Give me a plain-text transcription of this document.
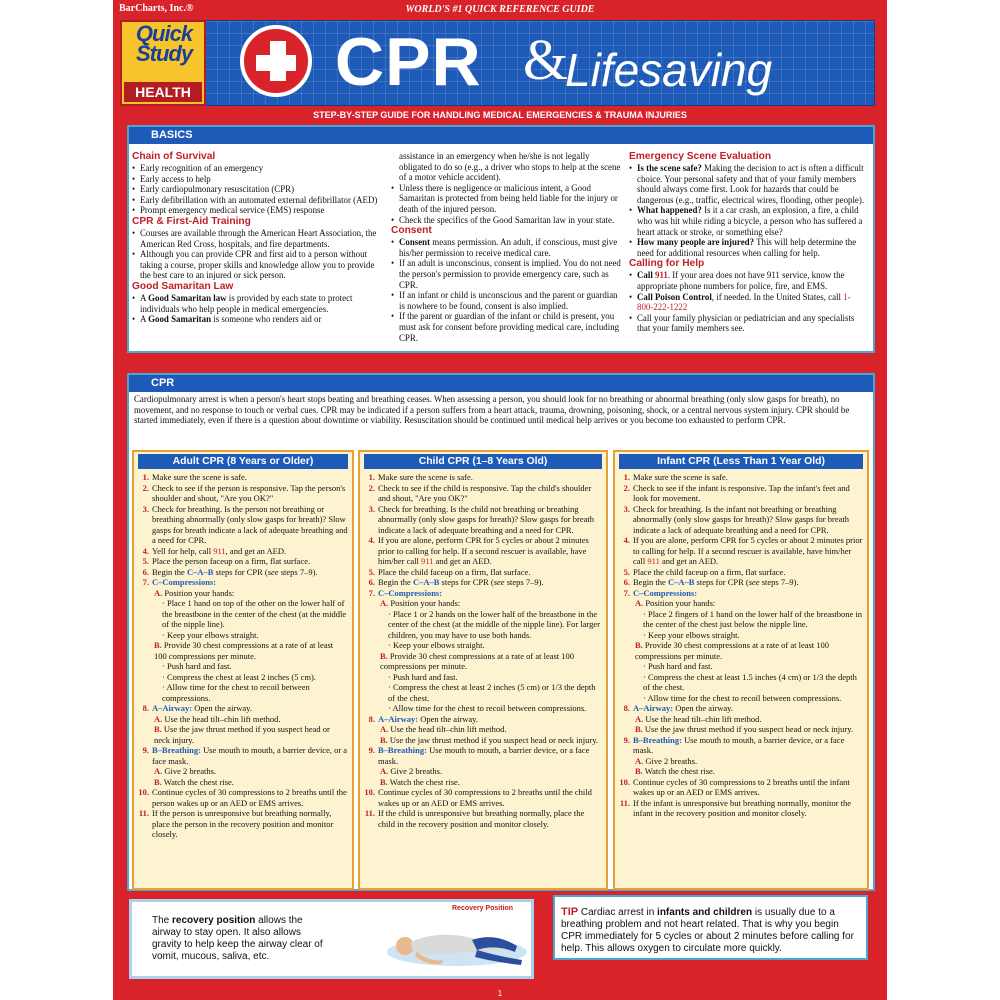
BarCharts, Inc.®	WORLD'S #1 QUICK REFERENCE GUIDE
Quick Study
HEALTH CPR &
Lifesaving
STEP-BY-STEP GUIDE FOR HANDLING MEDICAL EMERGENCIES & TRAUMA INJURIES
OPEN
OPEN
OPEN
BASICS
Chain of Survival
• Early recognition of an emergency
• Early access to help
• Early cardiopulmonary resuscitation (CPR)
• Early defibrillation with an automated external defibrillator (AED)
• Prompt emergency medical service (EMS) response
CPR & First-Aid Training
• Courses are available through the American Heart Association, the American Red Cross, hospitals, and fire departments.
• Although you can provide CPR and first aid to a person without taking a course, proper skills and knowledge allow you to provide the best care to an injured or sick person.
Good Samaritan Law
• A Good Samaritan law is provided by each state to protect individuals who help people in medical emergencies.
• A Good Samaritan is someone who renders aid or
assistance in an emergency when he/she is not legally obligated to do so (e.g., a driver who stops to help at the scene of a motor vehicle accident).
• Unless there is negligence or malicious intent, a Good Samaritan is protected from being held liable for the injury or death of the injured person.
• Check the specifics of the Good Samaritan law in your state.
Consent
• Consent means permission. An adult, if conscious, must give his/her permission to receive medical care.
• If an adult is unconscious, consent is implied. You do not need the person's permission to provide emergency care, such as CPR.
• If an infant or child is unconscious and the parent or guardian is nowhere to be found, consent is also implied.
• If the parent or guardian of the infant or child is present, you must ask for consent before providing medical care, including CPR.
Emergency Scene Evaluation
• Is the scene safe? Making the decision to act is often a difficult choice. Your personal safety and that of your family members should always come first. Look for hazards that could be dangerous (e.g., traffic, electrical wires, flooding, other people).
• What happened? Is it a car crash, an explosion, a fire, a child who was hit while riding a bicycle, a person who has suffered a heart attack or stroke, or something else?
• How many people are injured? This will help determine the need for additional resources when calling for help.
Calling for Help
• Call 911. If your area does not have 911 service, know the appropriate phone numbers for police, fire, and EMS.
• Call Poison Control, if needed. In the United States, call 1-800-222-1222
• Call your family physician or pediatrician and any specialists that your family members see.
CPR
Cardiopulmonary arrest is when a person's heart stops beating and breathing ceases. When assessing a person, you should look for no breathing or abnormal breathing (only slow gasps for breath), no movement, and no response to touch or verbal cues. CPR may be indicated if a person suffers from a heart attack, trauma, drowning, poisoning, shock, or a central nervous system injury. CPR should be started immediately, even if there is a question about downtime or viability. Resuscitation should be continued until medical help arrives or you become too exhausted to perform CPR.
Adult CPR (8 Years or Older)
1. Make sure the scene is safe.
2. Check to see if the person is responsive. Tap the person's shoulder and shout, "Are you OK?"
3. Check for breathing. Is the person not breathing or breathing abnormally (only slow gasps for breath)? Slow gasps for breath indicate a lack of adequate breathing and a need for CPR.
4. Yell for help, call 911, and get an AED.
5. Place the person faceup on a firm, flat surface.
6. Begin the C–A–B steps for CPR (see steps 7–9).
7. C–Compressions:
A. Position your hands:
· Place 1 hand on top of the other on the lower half of the breastbone in the center of the chest (at the middle of the nipple line).
· Keep your elbows straight.
B. Provide 30 chest compressions at a rate of at least 100 compressions per minute.
· Push hard and fast.
· Compress the chest at least 2 inches (5 cm).
· Allow time for the chest to recoil between compressions.
8. A–Airway: Open the airway.
A. Use the head tilt–chin lift method.
B. Use the jaw thrust method if you suspect head or neck injury.
9. B–Breathing: Use mouth to mouth, a barrier device, or a face mask.
A. Give 2 breaths.
B. Watch the chest rise.
10. Continue cycles of 30 compressions to 2 breaths until the person wakes up or an AED or EMS arrives.
11. If the person is unresponsive but breathing normally, place the person in the recovery position and monitor closely.
Child CPR (1–8 Years Old)
1. Make sure the scene is safe.
2. Check to see if the child is responsive. Tap the child's shoulder and shout, "Are you OK?"
3. Check for breathing. Is the child not breathing or breathing abnormally (only slow gasps for breath)? Slow gasps for breath indicate a lack of adequate breathing and a need for CPR.
4. If you are alone, perform CPR for 5 cycles or about 2 minutes prior to calling for help. If a second rescuer is available, have him/her call 911 and get an AED.
5. Place the child faceup on a firm, flat surface.
6. Begin the C–A–B steps for CPR (see steps 7–9).
7. C–Compressions:
A. Position your hands:
· Place 1 or 2 hands on the lower half of the breastbone in the center of the chest (at the middle of the nipple line). For larger children, you may have to use both hands.
· Keep your elbows straight.
B. Provide 30 chest compressions at a rate of at least 100 compressions per minute.
· Push hard and fast.
· Compress the chest at least 2 inches (5 cm) or 1/3 the depth of the chest.
· Allow time for the chest to recoil between compressions.
8. A–Airway: Open the airway.
A. Use the head tilt–chin lift method.
B. Use the jaw thrust method if you suspect head or neck injury.
9. B–Breathing: Use mouth to mouth, a barrier device, or a face mask.
A. Give 2 breaths.
B. Watch the chest rise.
10. Continue cycles of 30 compressions to 2 breaths until the child wakes up or an AED or EMS arrives.
11. If the child is unresponsive but breathing normally, place the child in the recovery position and monitor closely.
Infant CPR (Less Than 1 Year Old)
1. Make sure the scene is safe.
2. Check to see if the infant is responsive. Tap the infant's feet and look for movement.
3. Check for breathing. Is the infant not breathing or breathing abnormally (only slow gasps for breath)? Slow gasps for breath indicate a lack of adequate breathing and a need for CPR.
4. If you are alone, perform CPR for 5 cycles or about 2 minutes prior to calling for help. If a second rescuer is available, have him/her call 911 and get an AED.
5. Place the child faceup on a firm, flat surface.
6. Begin the C–A–B steps for CPR (see steps 7–9).
7. C–Compressions:
A. Position your hands:
· Place 2 fingers of 1 hand on the lower half of the breastbone in the center of the chest just below the nipple line.
· Keep your elbows straight.
B. Provide 30 chest compressions at a rate of at least 100 compressions per minute.
· Push hard and fast.
· Compress the chest at least 1.5 inches (4 cm) or 1/3 the depth of the chest.
· Allow time for the chest to recoil between compressions.
8. A–Airway: Open the airway.
A. Use the head tilt–chin lift method.
B. Use the jaw thrust method if you suspect head or neck injury.
9. B–Breathing: Use mouth to mouth, a barrier device, or a face mask.
A. Give 2 breaths.
B. Watch the chest rise.
10. Continue cycles of 30 compressions to 2 breaths until the infant wakes up or an AED or EMS arrives.
11. If the infant is unresponsive but breathing normally, monitor the infant in the recovery position and monitor closely.
The recovery position allows the airway to stay open. It also allows gravity to help keep the airway clear of vomit, mucous, saliva, etc.
Recovery Position	TIP Cardiac arrest in infants and children is usually due to a breathing problem and not heart related. That is why you begin CPR immediately for 5 cycles or about 2 minutes before calling for help. This allows oxygen to circulate more quickly.
1
